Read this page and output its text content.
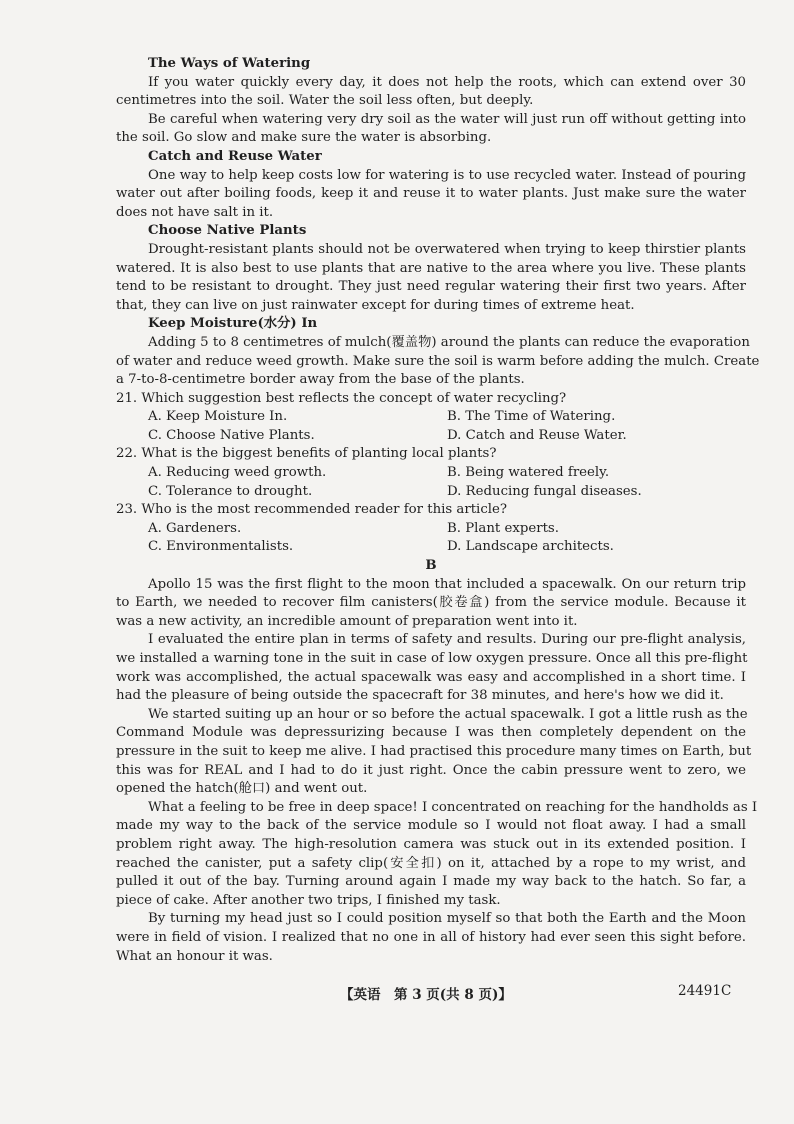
The Ways of Watering

If you water quickly every day, it does not help the roots, which can extend over 30

centimetres into the soil. Water the soil less often, but deeply.

Be careful when watering very dry soil as the water will just run off without getting into

the soil. Go slow and make sure the water is absorbing.

Catch and Reuse Water

One way to help keep costs low for watering is to use recycled water. Instead of pouring

water out after boiling foods, keep it and reuse it to water plants. Just make sure the water

does not have salt in it.

Choose Native Plants

Drought-resistant plants should not be overwatered when trying to keep thirstier plants

watered. It is also best to use plants that are native to the area where you live. These plants

tend to be resistant to drought. They just need regular watering their first two years. After

that, they can live on just rainwater except for during times of extreme heat.

Keep Moisture(水分) In

Adding 5 to 8 centimetres of mulch(覆盖物) around the plants can reduce the evaporation

of water and reduce weed growth. Make sure the soil is warm before adding the mulch. Create

a 7-to-8-centimetre border away from the base of the plants.

21. Which suggestion best reflects the concept of water recycling?

A. Keep Moisture In.	B. The Time of Watering.
C. Choose Native Plants.	D. Catch and Reuse Water.

22. What is the biggest benefits of planting local plants?

A. Reducing weed growth.	B. Being watered freely.
C. Tolerance to drought.	D. Reducing fungal diseases.

23. Who is the most recommended reader for this article?

A. Gardeners.	B. Plant experts.
C. Environmentalists.	D. Landscape architects.

B

Apollo 15 was the first flight to the moon that included a spacewalk. On our return trip

to Earth, we needed to recover film canisters(胶卷盒) from the service module. Because it

was a new activity, an incredible amount of preparation went into it.

I evaluated the entire plan in terms of safety and results. During our pre-flight analysis,

we installed a warning tone in the suit in case of low oxygen pressure. Once all this pre-flight

work was accomplished, the actual spacewalk was easy and accomplished in a short time. I

had the pleasure of being outside the spacecraft for 38 minutes, and here's how we did it.

We started suiting up an hour or so before the actual spacewalk. I got a little rush as the

Command Module was depressurizing because I was then completely dependent on the

pressure in the suit to keep me alive. I had practised this procedure many times on Earth, but

this was for REAL and I had to do it just right. Once the cabin pressure went to zero, we

opened the hatch(舱口) and went out.

What a feeling to be free in deep space! I concentrated on reaching for the handholds as I

made my way to the back of the service module so I would not float away. I had a small

problem right away. The high-resolution camera was stuck out in its extended position. I

reached the canister, put a safety clip(安全扣) on it, attached by a rope to my wrist, and

pulled it out of the bay. Turning around again I made my way back to the hatch. So far, a

piece of cake. After another two trips, I finished my task.

By turning my head just so I could position myself so that both the Earth and the Moon

were in field of vision. I realized that no one in all of history had ever seen this sight before.

What an honour it was.

【英语　第 3 页(共 8 页)】	24491C
